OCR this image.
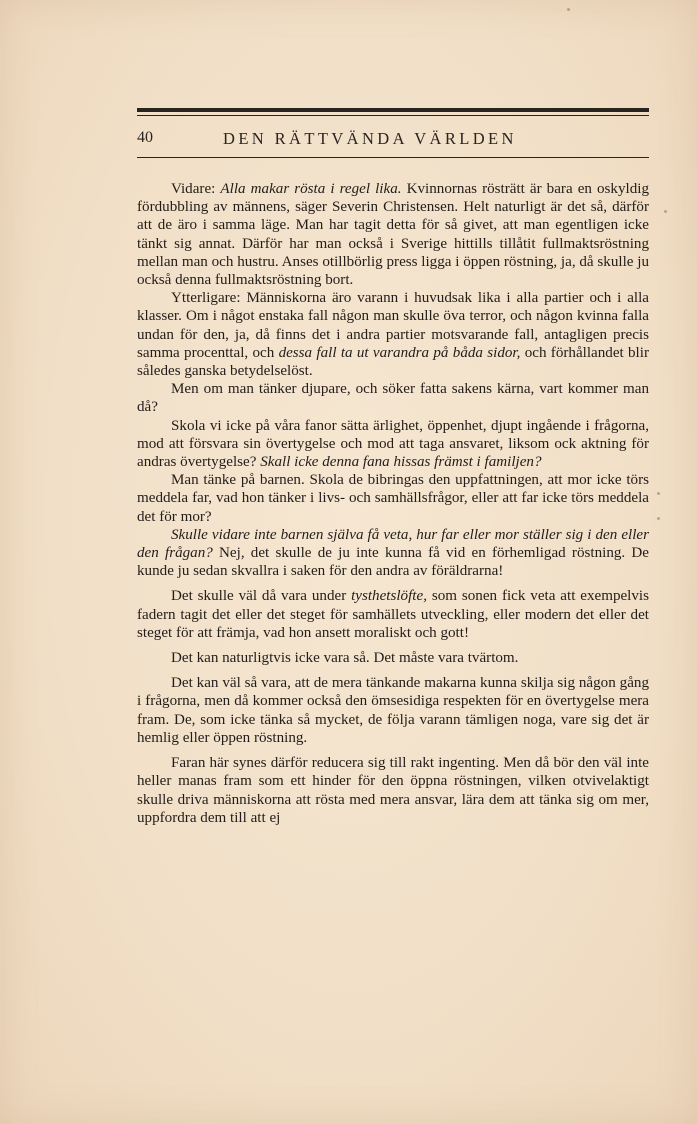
40	DEN RÄTTVÄNDA VÄRLDEN

Vidare: Alla makar rösta i regel lika. Kvinnornas rösträtt är bara en oskyldig fördubbling av männens, säger Severin Christensen. Helt naturligt är det så, därför att de äro i samma läge. Man har tagit detta för så givet, att man egentligen icke tänkt sig annat. Därför har man också i Sverige hittills tillåtit fullmaktsröstning mellan man och hustru. Anses otillbörlig press ligga i öppen röstning, ja, då skulle ju också denna fullmaktsröstning bort.

Ytterligare: Människorna äro varann i huvudsak lika i alla partier och i alla klasser. Om i något enstaka fall någon man skulle öva terror, och någon kvinna falla undan för den, ja, då finns det i andra partier motsvarande fall, antagligen precis samma procenttal, och dessa fall ta ut varandra på båda sidor, och förhållandet blir således ganska betydelselöst.

Men om man tänker djupare, och söker fatta sakens kärna, vart kommer man då?

Skola vi icke på våra fanor sätta ärlighet, öppenhet, djupt ingående i frågorna, mod att försvara sin övertygelse och mod att taga ansvaret, liksom ock aktning för andras övertygelse? Skall icke denna fana hissas främst i familjen?

Man tänke på barnen. Skola de bibringas den uppfattningen, att mor icke törs meddela far, vad hon tänker i livs- och samhällsfrågor, eller att far icke törs meddela det för mor?

Skulle vidare inte barnen själva få veta, hur far eller mor ställer sig i den eller den frågan? Nej, det skulle de ju inte kunna få vid en förhemligad röstning. De kunde ju sedan skvallra i saken för den andra av föräldrarna!

Det skulle väl då vara under tysthetslöfte, som sonen fick veta att exempelvis fadern tagit det eller det steget för samhällets utveckling, eller modern det eller det steget för att främja, vad hon ansett moraliskt och gott!

Det kan naturligtvis icke vara så. Det måste vara tvärtom.

Det kan väl så vara, att de mera tänkande makarna kunna skilja sig någon gång i frågorna, men då kommer också den ömsesidiga respekten för en övertygelse mera fram. De, som icke tänka så mycket, de följa varann tämligen noga, vare sig det är hemlig eller öppen röstning.

Faran här synes därför reducera sig till rakt ingenting. Men då bör den väl inte heller manas fram som ett hinder för den öppna röstningen, vilken otvivelaktigt skulle driva människorna att rösta med mera ansvar, lära dem att tänka sig om mer, uppfordra dem till att ej
